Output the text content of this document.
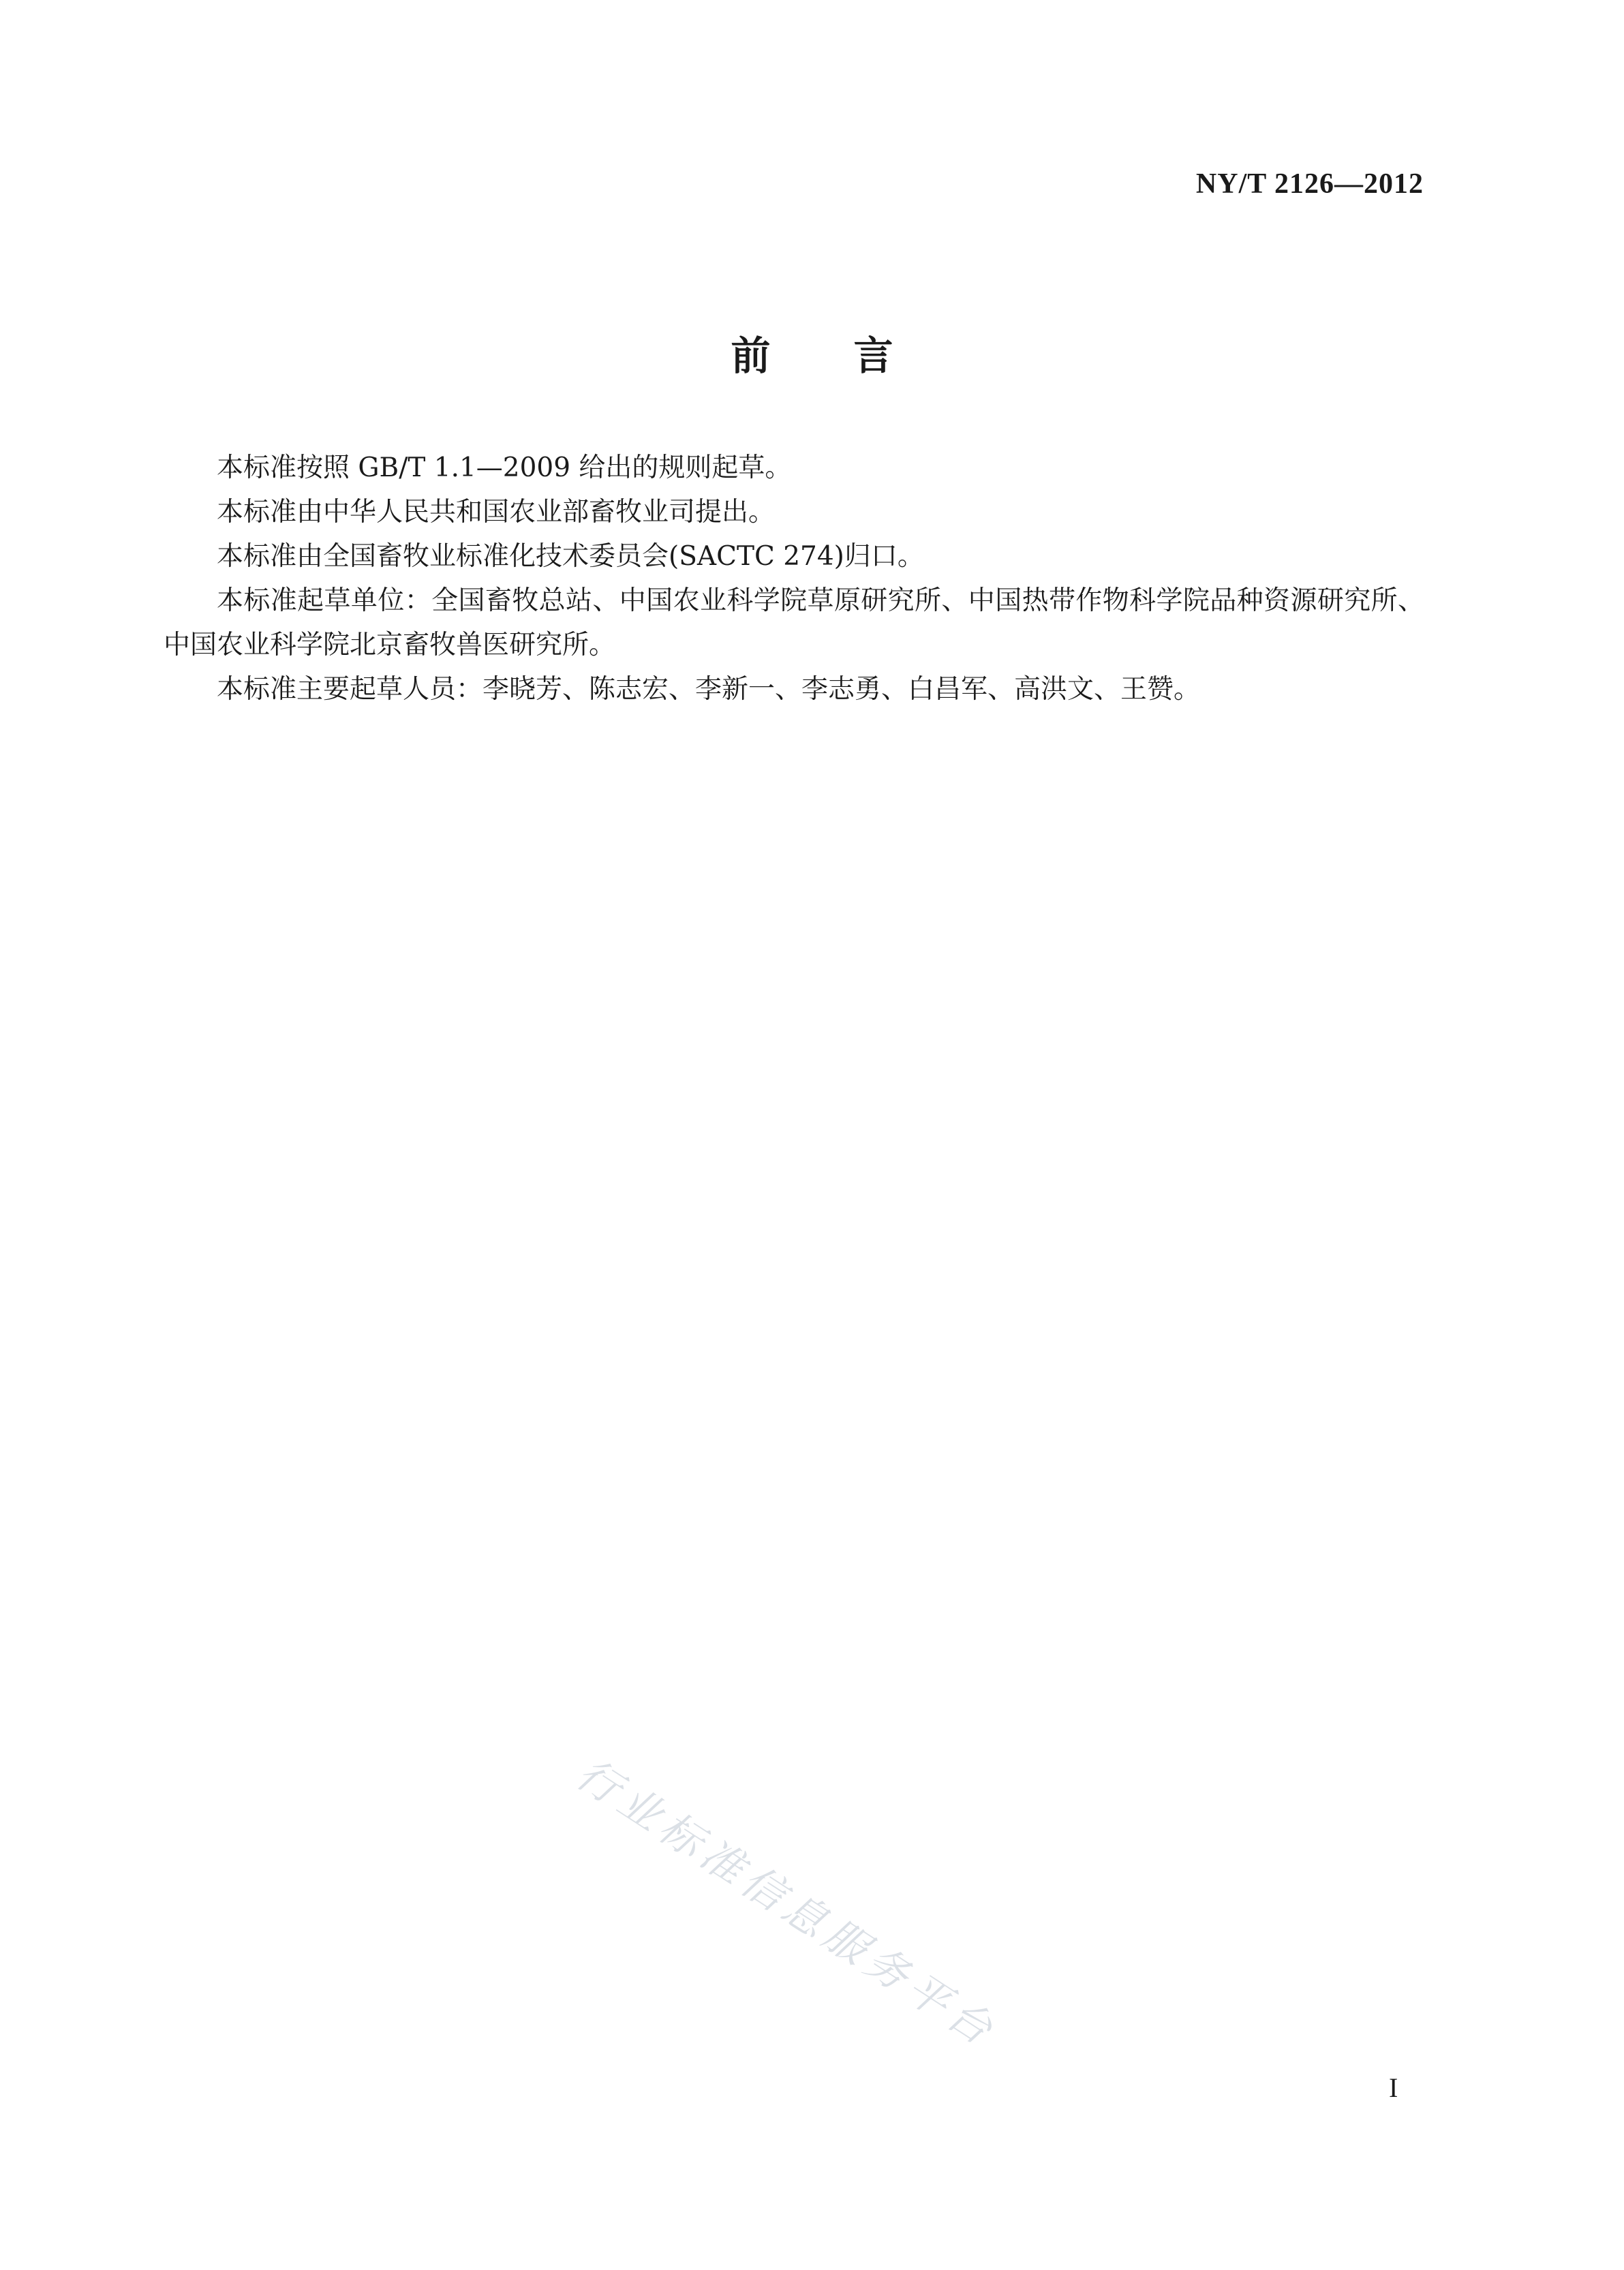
NY/T 2126—2012
前言

本标准按照 GB/T 1.1—2009 给出的规则起草。

本标准由中华人民共和国农业部畜牧业司提出。

本标准由全国畜牧业标准化技术委员会(SACTC 274)归口。

本标准起草单位：全国畜牧总站、中国农业科学院草原研究所、中国热带作物科学院品种资源研究所、中国农业科学院北京畜牧兽医研究所。

本标准主要起草人员：李晓芳、陈志宏、李新一、李志勇、白昌军、高洪文、王赞。

行业标准信息服务平台
I
